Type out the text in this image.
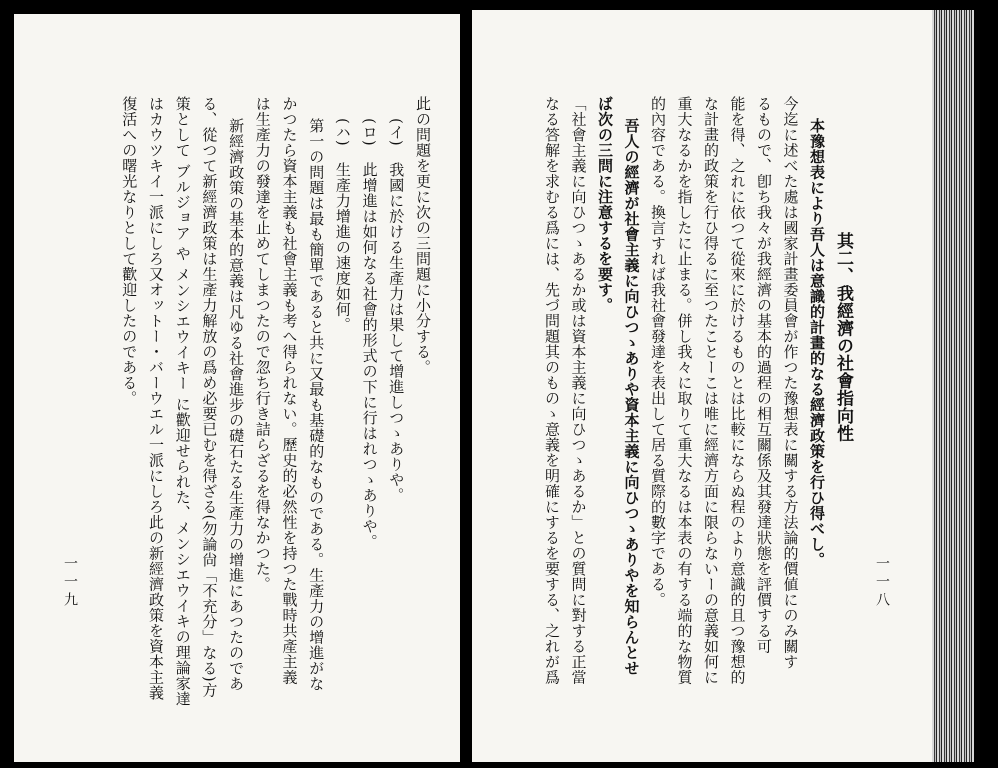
一一八
其二、我經濟の社會指向性
本豫想表により吾人は意識的計畫的なる經濟政策を行ひ得べし。
今迄に述べた處は國家計畫委員會が作つた豫想表に關する方法論的價値にのみ關す
るもので、卽ち我々が我經濟の基本的過程の相互關係及其發達狀態を評價する可
能を得、之れに依つて從來に於けるものとは比較にならぬ程のより意識的且つ豫想的
な計畫的政策を行ひ得るに至つたことーこは唯に經濟方面に限らないーの意義如何に
重大なるかを指したに止まる。併し我々に取りて重大なるは本表の有する端的な物質
的內容である。換言すれば我社會發達を表出して居る質際的數字である。
吾人の經濟が社會主義に向ひつゝありや資本主義に向ひつゝありやを知らんとせ
ば次の三問に注意するを要す。
「社會主義に向ひつゝあるか或は資本主義に向ひつゝあるか」との質問に對する正當
なる答解を求むる爲には、先づ問題其のものゝ意義を明確にするを要する、之れが爲
一一九
此の問題を更に次の三問題に小分する。
(イ)　我國に於ける生產力は果して增進しつゝありや。
(ロ)　此增進は如何なる社會的形式の下に行はれつゝありや。
(ハ)　生產力增進の速度如何。
第一の問題は最も簡單であると共に又最も基礎的なものである。生產力の增進がな
かつたら資本主義も社會主義も考へ得られない。歷史的必然性を持つた戰時共產主義
は生產力の發達を止めてしまつたので忽ち行き詰らざるを得なかつた。
新經濟政策の基本的意義は凡ゆる社會進步の礎石たる生產力の增進にあつたのであ
る、從つて新經濟政策は生產力解放の爲め必要已むを得ざる(勿論尙「不充分」なる)方
策として ブルジョア や メンシエウイキー に歡迎せられた、メンシエウイキの理論家達
はカウツキイ一派にしろ又オットー・バーウエル一派にしろ此の新經濟政策を資本主義
復活への曙光なりとして歡迎したのである。
